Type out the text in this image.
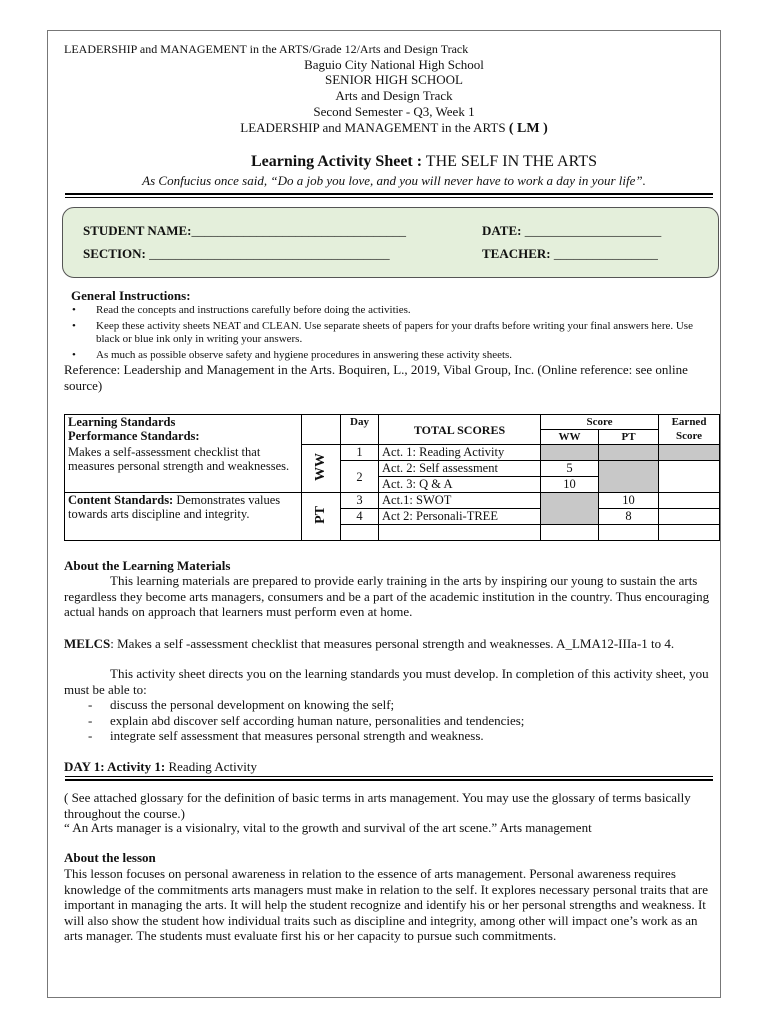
LEADERSHIP and MANAGEMENT in the ARTS/Grade 12/Arts and Design Track
Baguio City National High School
SENIOR HIGH SCHOOL
Arts and Design Track
Second Semester - Q3, Week 1
LEADERSHIP and MANAGEMENT in the ARTS ( LM )
Learning Activity Sheet : THE SELF IN THE ARTS
As Confucius once said, “Do a job you love, and you will never have to work a day in your life”.
STUDENT NAME:_________________________________	DATE: _____________________
SECTION: _____________________________________	TEACHER: ________________
General Instructions:
• Read the concepts and instructions carefully before doing the activities.
• Keep these activity sheets NEAT and CLEAN. Use separate sheets of papers for your drafts before writing your final answers here. Use black or blue ink only in writing your answers.
• As much as possible observe safety and hygiene procedures in answering these activity sheets.
Reference: Leadership and Management in the Arts. Boquiren, L., 2019, Vibal Group, Inc. (Online reference: see online source)
Learning Standards
Performance Standards:		Day	TOTAL SCORES	Score		Earned Score
				WW	PT	
Makes a self-assessment checklist that measures personal strength and weaknesses.	WW	1	Act. 1: Reading Activity			
		2	Act. 2: Self assessment	5		
			Act. 3: Q & A	10		
Content Standards: Demonstrates values towards arts discipline and integrity.	PT	3	Act.1: SWOT		10	
		4	Act 2: Personali-TREE		8	

About the Learning Materials
This learning materials are prepared to provide early training in the arts by inspiring our young to sustain the arts regardless they become arts managers, consumers and be a part of the academic institution in the country. Thus encouraging actual hands on approach that learners must perform even at home.
MELCS: Makes a self -assessment checklist that measures personal strength and weaknesses. A_LMA12-IIIa-1 to 4.
This activity sheet directs you on the learning standards you must develop. In completion of this activity sheet, you must be able to:
- discuss the personal development on knowing the self;
- explain abd discover self according human nature, personalities and tendencies;
- integrate self assessment that measures personal strength and weakness.
DAY 1: Activity 1: Reading Activity
( See attached glossary for the definition of basic terms in arts management. You may use the glossary of terms basically throughout the course.)
“ An Arts manager is a visionalry, vital to the growth and survival of the art scene.” Arts management
About the lesson
This lesson focuses on personal awareness in relation to the essence of arts management. Personal awareness requires knowledge of the commitments arts managers must make in relation to the self. It explores necessary personal traits that are important in managing the arts. It will help the student recognize and identify his or her personal strengths and weakness. It will also show the student how individual traits such as discipline and integrity, among other will impact one’s work as an arts manager. The students must evaluate first his or her capacity to pursue such commitments.
